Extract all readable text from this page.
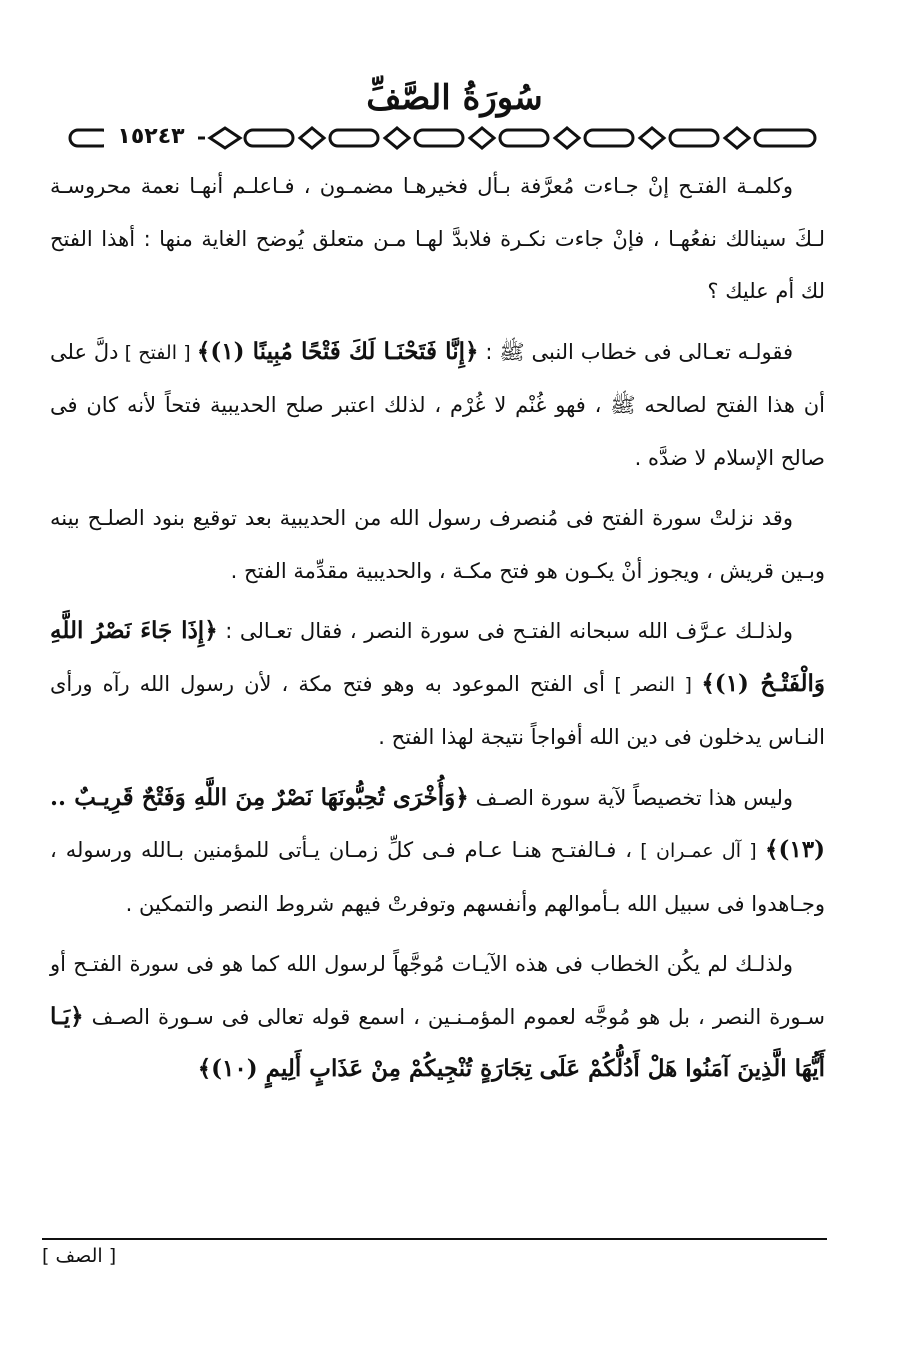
سُورَةُ الصَّفِّ
١٥٢٤٣

وكلمـة الفتـح إنْ جـاءت مُعرَّفة بـأل فخيرهـا مضمـون ، فـاعلـم أنهـا نعمة محروسـة لـكَ سينالك نفعُهـا ، فإنْ جاءت نكـرة فلابدَّ لهـا مـن متعلق يُوضح الغاية منها : أهذا الفتح لك أم عليك ؟

فقولـه تعـالى فى خطاب النبى ﷺ : ﴿إِنَّا فَتَحْنَـا لَكَ فَتْحًا مُبِينًا (١)﴾ [ الفتح ] دلَّ على أن هذا الفتح لصالحه ﷺ ، فهو غُنْم لا غُرْم ، لذلك اعتبر صلح الحديبية فتحاً لأنه كان فى صالح الإسلام لا ضدَّه .

وقد نزلتْ سورة الفتح فى مُنصرف رسول الله من الحديبية بعد توقيع بنود الصلـح بينه وبـين قريش ، ويجوز أنْ يكـون هو فتح مكـة ، والحديبية مقدِّمة الفتح .

ولذلـك عـرَّف الله سبحانه الفتـح فى سورة النصر ، فقال تعـالى : ﴿إِذَا جَاءَ نَصْرُ اللَّهِ وَالْفَتْـحُ (١)﴾ [ النصر ] أى الفتح الموعود به وهو فتح مكة ، لأن رسول الله رآه ورأى النـاس يدخلون فى دين الله أفواجاً نتيجة لهذا الفتح .

وليس هذا تخصيصاً لآية سورة الصـف ﴿وَأُخْرَى تُحِبُّونَهَا نَصْرٌ مِنَ اللَّهِ وَفَتْحٌ قَرِيـبٌ .. (١٣)﴾ [ آل عمـران ] ، فـالفتـح هنـا عـام فـى كلِّ زمـان يـأتى للمؤمنين بـالله ورسوله ، وجـاهدوا فى سبيل الله بـأموالهم وأنفسهم وتوفرتْ فيهم شروط النصر والتمكين .

ولذلـك لم يكُن الخطاب فى هذه الآيـات مُوجَّهاً لرسول الله كما هو فى سورة الفتـح أو سـورة النصر ، بل هو مُوجَّه لعموم المؤمـنـين ، اسمع قوله تعالى فى سـورة الصـف ﴿يَـا أَيُّهَا الَّذِينَ آمَنُوا هَلْ أَدُلُّكُمْ عَلَى تِجَارَةٍ تُنْجِيكُمْ مِنْ عَذَابٍ أَلِيمٍ (١٠)﴾

[ الصف ]
